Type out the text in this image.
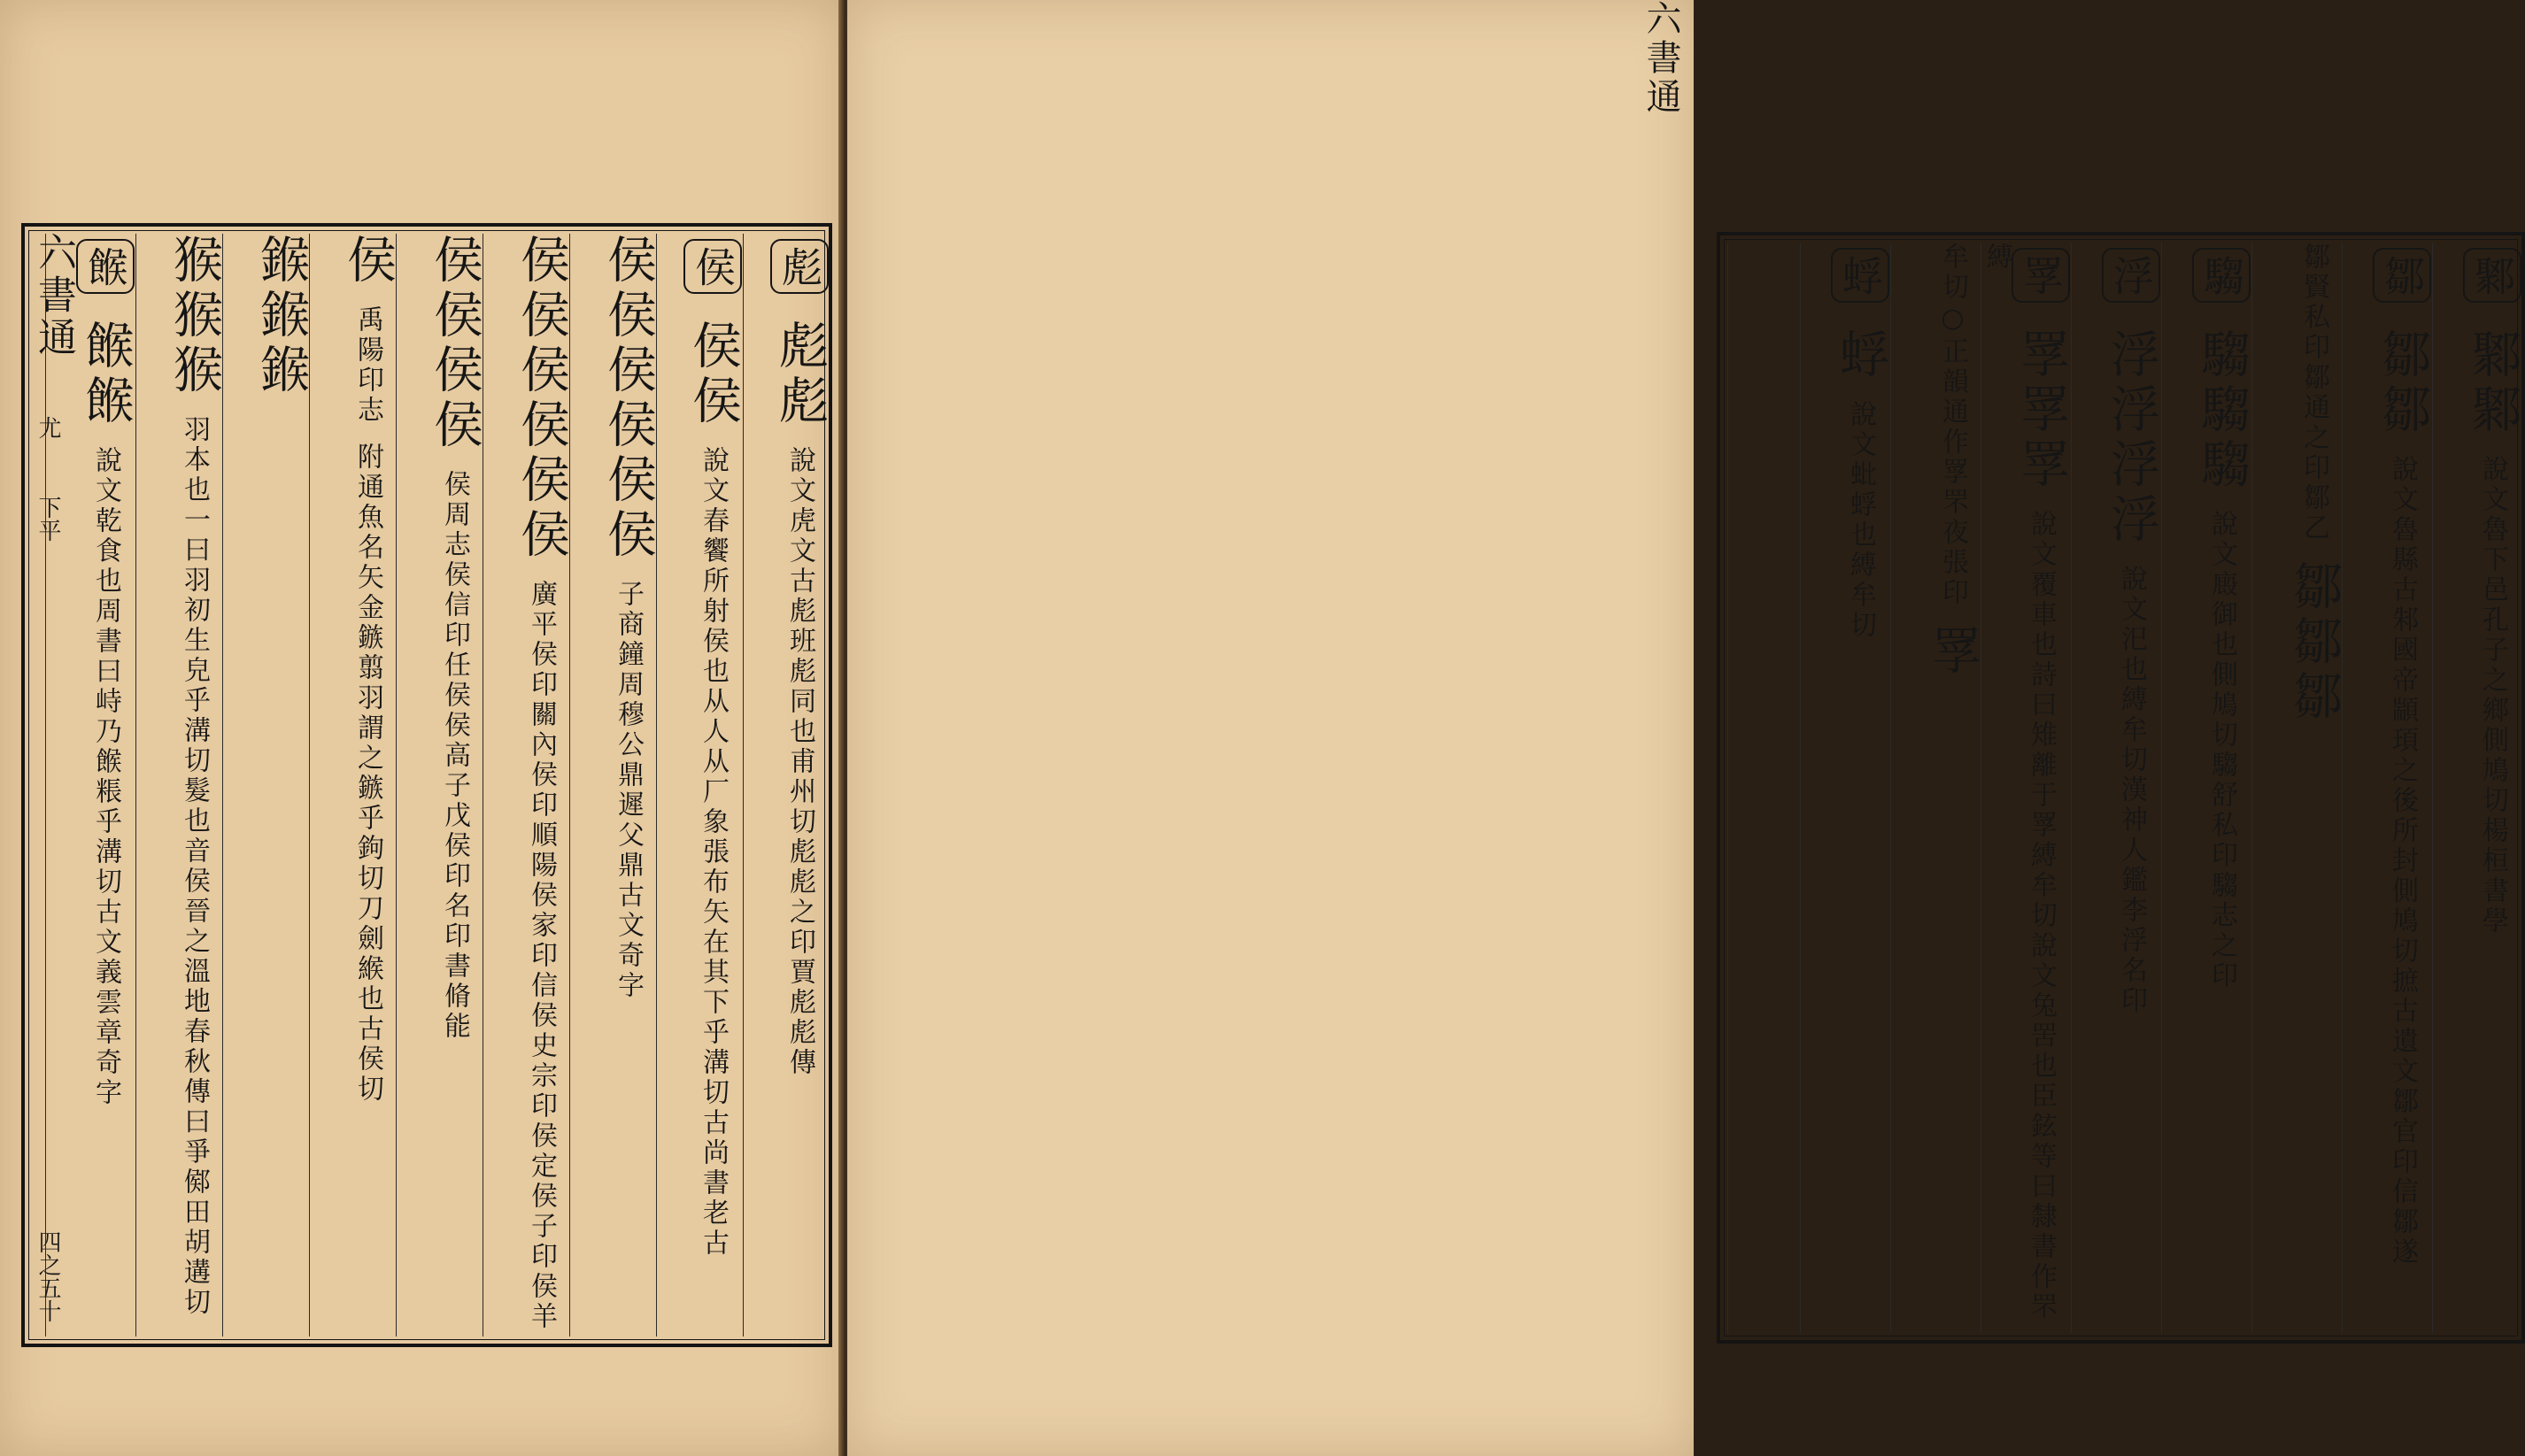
彪 彪彪 說文虎文古彪班彪同也甫州切彪彪之印賈彪彪傳
侯 侯侯 說文春饗所射侯也从人从厂象張布矢在其下乎溝切古尚書老古
侯侯侯侯侯侯 子商鐘周穆公鼎遲父鼎古文奇字
侯侯侯侯侯侯 廣平侯印關內侯印順陽侯家印信侯史宗印侯定侯子印侯羊
侯侯侯侯 侯周志侯信印任侯侯高子戊侯印名印書脩能
侯 禹陽印志 附通魚名矢金鏃翦羽謂之鏃乎鉤切刀劍緱也古侯切
鍭鍭鍭
猴猴猴 羽本也一曰羽初生皃乎溝切髮也音侯晉之溫地春秋傳曰爭鄇田胡遘切
餱 餱餱 說文乾食也周書曰峙乃餱粻乎溝切古文義雲章奇字
六書通
尤
下平
四之五十
鄹 鄹鄹 說文魯下邑孔子之鄉側鳩切楊桓書學
鄒 鄒鄒 說文魯縣古邾國帝顓頊之後所封側鳩切摭古遺文鄒官印信鄒遂
鄒賢私印鄒通之印鄒乙 鄒鄒鄒
騶 騶騶騶 說文廄御也側鳩切騶舒私印騶志之印
浮 浮浮浮浮 說文汜也縛牟切漢神人鑑李浮名印
罦 罦罦罦 說文覆車也詩曰雉離于罦縛牟切說文兔罟也臣鉉等曰隸書作罘縛
牟切○正韻通作罦罘夜張印 罦
蜉 蜉 說文蚍蜉也縛牟切
六書通
